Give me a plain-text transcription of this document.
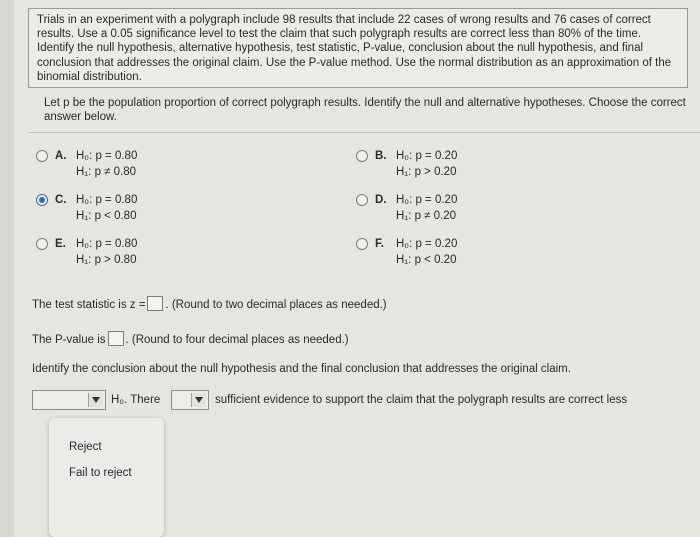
Trials in an experiment with a polygraph include 98 results that include 22 cases of wrong results and 76 cases of correct results. Use a 0.05 significance level to test the claim that such polygraph results are correct less than 80% of the time. Identify the null hypothesis, alternative hypothesis, test statistic, P-value, conclusion about the null hypothesis, and final conclusion that addresses the original claim. Use the P-value method. Use the normal distribution as an approximation of the binomial distribution.
Let p be the population proportion of correct polygraph results. Identify the null and alternative hypotheses. Choose the correct answer below.
A. H₀: p = 0.80
H₁: p ≠ 0.80
B. H₀: p = 0.20
H₁: p > 0.20
C. H₀: p = 0.80
H₁: p < 0.80
D. H₀: p = 0.20
H₁: p ≠ 0.20
E. H₀: p = 0.80
H₁: p > 0.80
F. H₀: p = 0.20
H₁: p < 0.20
The test statistic is z = . (Round to two decimal places as needed.)
The P-value is . (Round to four decimal places as needed.)
Identify the conclusion about the null hypothesis and the final conclusion that addresses the original claim.
H₀. There	sufficient evidence to support the claim that the polygraph results are correct less
Reject
Fail to reject
